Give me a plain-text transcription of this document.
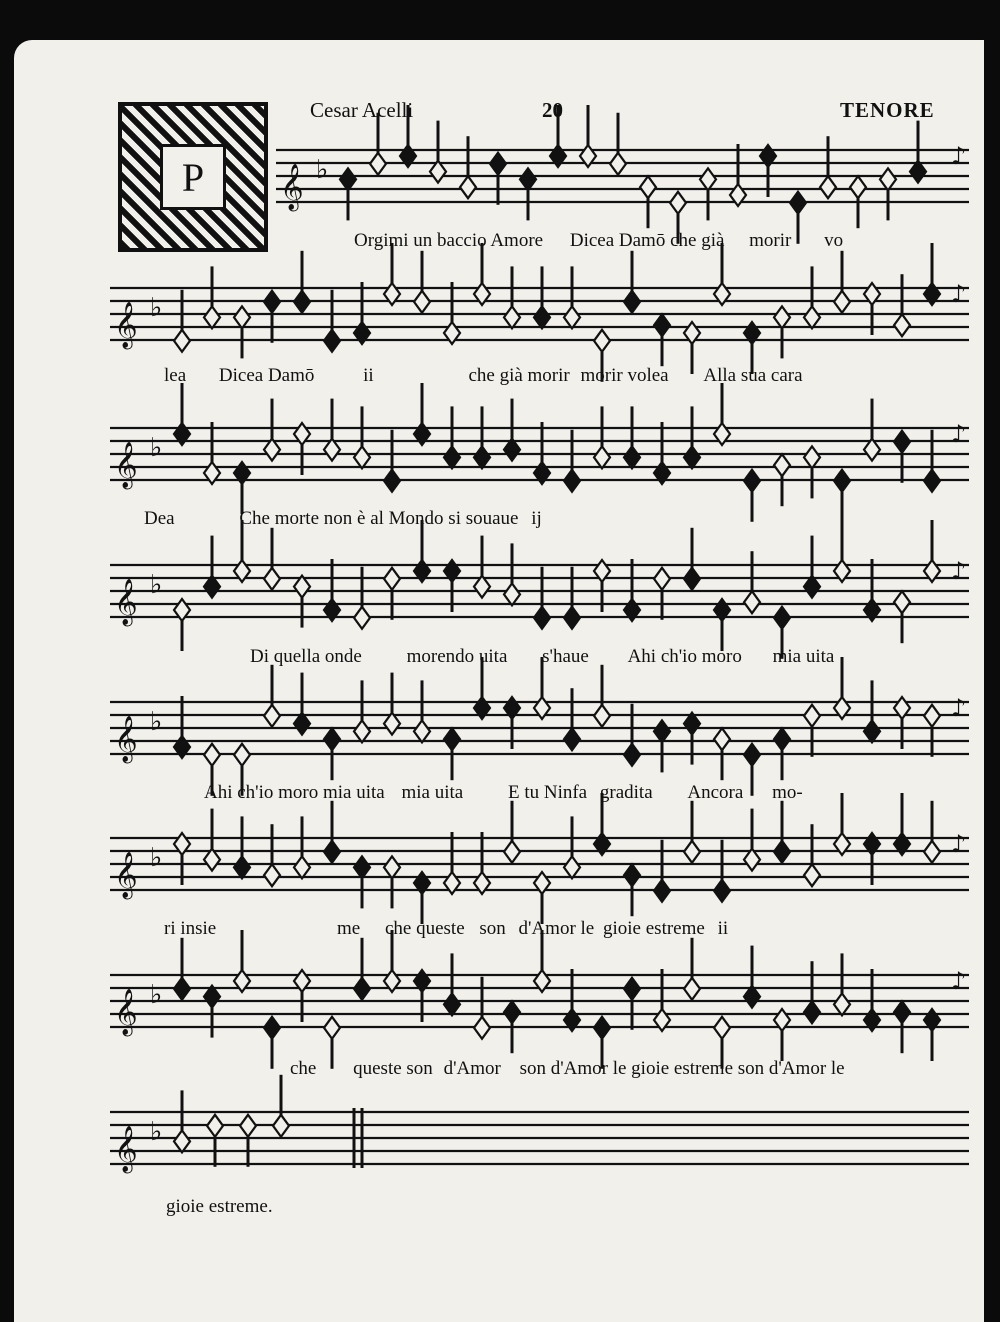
Cesar Acelli	20	TENORE
P	𝄞 ♭	♪
𝄞 ♭	♪
𝄞 ♭	♪
𝄞 ♭	♪
𝄞 ♭	♪
𝄞 ♭	♪
𝄞 ♭	♪
𝄞 ♭
Orgimi un baccio Amore Dicea Damō che già morir vo
lea Dicea Damō	ii	che già morir morir volea Alla sua cara
Dea	Che morte non è al Mondo si souaue ij
Di quella onde morendo uita s'haue Ahi ch'io moro mia uita
Ahi ch'io moro mia uita mia uita E tu Ninfa gradita Ancora mo-
ri insie	me che queste son d'Amor le gioie estreme ii
che queste son d'Amor son d'Amor le gioie estreme son d'Amor le
gioie estreme.
